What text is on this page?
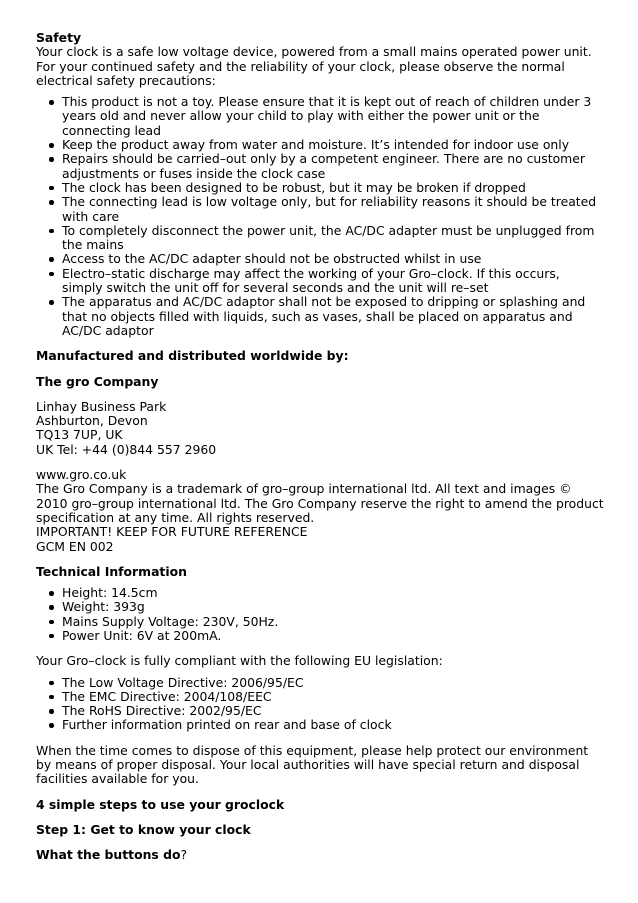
Safety

Your clock is a safe low voltage device, powered from a small mains operated power unit. For your continued safety and the reliability of your clock, please observe the normal electrical safety precautions:

This product is not a toy. Please ensure that it is kept out of reach of children under 3 years old and never allow your child to play with either the power unit or the connecting lead
Keep the product away from water and moisture. It’s intended for indoor use only
Repairs should be carried–out only by a competent engineer. There are no customer adjustments or fuses inside the clock case
The clock has been designed to be robust, but it may be broken if dropped
The connecting lead is low voltage only, but for reliability reasons it should be treated with care
To completely disconnect the power unit, the AC/DC adapter must be unplugged from the mains
Access to the AC/DC adapter should not be obstructed whilst in use
Electro–static discharge may affect the working of your Gro–clock. If this occurs, simply switch the unit off for several seconds and the unit will re–set
The apparatus and AC/DC adaptor shall not be exposed to dripping or splashing and that no objects filled with liquids, such as vases, shall be placed on apparatus and AC/DC adaptor

Manufactured and distributed worldwide by:

The gro Company

Linhay Business Park
Ashburton, Devon
TQ13 7UP, UK
UK Tel: +44 (0)844 557 2960

www.gro.co.uk
The Gro Company is a trademark of gro–group international ltd. All text and images © 2010 gro–group international ltd. The Gro Company reserve the right to amend the product specification at any time. All rights reserved.
IMPORTANT! KEEP FOR FUTURE REFERENCE
GCM EN 002

Technical Information

Height: 14.5cm
Weight: 393g
Mains Supply Voltage: 230V, 50Hz.
Power Unit: 6V at 200mA.

Your Gro–clock is fully compliant with the following EU legislation:

The Low Voltage Directive: 2006/95/EC
The EMC Directive: 2004/108/EEC
The RoHS Directive: 2002/95/EC
Further information printed on rear and base of clock

When the time comes to dispose of this equipment, please help protect our environment by means of proper disposal. Your local authorities will have special return and disposal facilities available for you.

4 simple steps to use your groclock

Step 1: Get to know your clock

What the buttons do?
